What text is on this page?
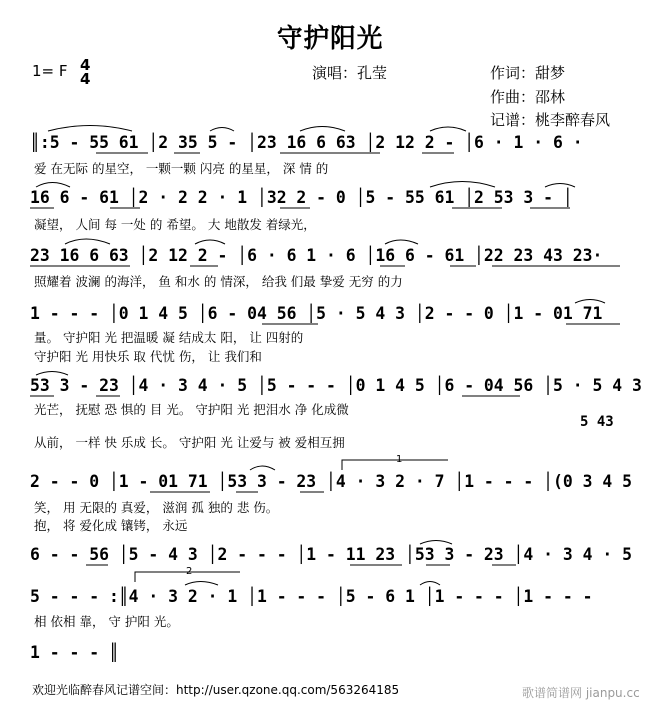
守护阳光
1= F 4
4	演唱：孔莹	作词：甜梦
作曲：邵林
记谱：桃李醉春风
║:5 - 55 61 │2 35 5 - │23 16 6 63 │2 12 2 - │6 · 1 · 6 ·
爱 在无际 的星空， 一颗一颗 闪亮 的星星， 深 情 的
16 6 - 61 │2 · 2 2 · 1 │32 2 - 0 │5 - 55 61 │2 53 3 - │
凝望， 人间 每 一处 的 希望。 大 地散发 着绿光，
23 16 6 63 │2 12 2 - │6 · 6 1 · 6 │16 6 - 61 │22 23 43 23·
照耀着 波澜 的海洋， 鱼 和水 的 情深， 给我 们最 挚爱 无穷 的力
1 - - - │0 1 4 5 │6 - 04 56 │5 · 5 4 3 │2 - - 0 │1 - 01 71
量。 守护阳 光 把温暖 凝 结成太 阳， 让 四射的
守护阳 光 用快乐 取 代忧 伤， 让 我们和
53 3 - 23 │4 · 3 4 · 5 │5 - - - │0 1 4 5 │6 - 04 56 │5 · 5 4 3
光芒， 抚慰 恐 惧的 目 光。 守护阳 光 把泪水 净 化成微
5 43
从前， 一样 快 乐成 长。 守护阳 光 让爱与 被 爱相互拥
2 - - 0 │1 - 01 71 │53 3 - 23 │4 · 3 2 · 7 │1 - - - │(0 3 4 5
笑， 用 无限的 真爱， 滋润 孤 独的 悲 伤。
抱， 将 爱化成 镶铐， 永远
6 - - 56 │5 - 4 3 │2 - - - │1 - 11 23 │53 3 - 23 │4 · 3 4 · 5
5 - - - :║4 · 3 2 · 1 │1 - - - │5 - 6 1 │1 - - - │1 - - -
相 依相 靠， 守 护阳 光。
1 - - - ║
1
2
欢迎光临醉春风记谱空间：http://user.qzone.qq.com/563264185	歌谱简谱网 jianpu.cc
